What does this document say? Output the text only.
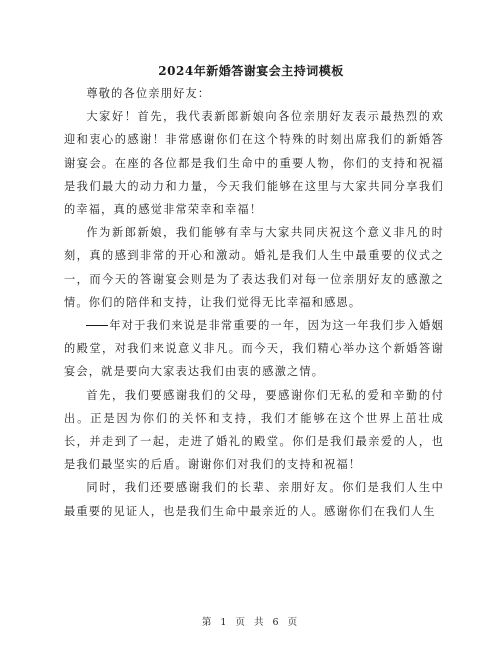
2024年新婚答谢宴会主持词模板

尊敬的各位亲朋好友：

大家好！首先，我代表新郎新娘向各位亲朋好友表示最热烈的欢迎和衷心的感谢！非常感谢你们在这个特殊的时刻出席我们的新婚答谢宴会。在座的各位都是我们生命中的重要人物，你们的支持和祝福是我们最大的动力和力量，今天我们能够在这里与大家共同分享我们的幸福，真的感觉非常荣幸和幸福！

作为新郎新娘，我们能够有幸与大家共同庆祝这个意义非凡的时刻，真的感到非常的开心和激动。婚礼是我们人生中最重要的仪式之一，而今天的答谢宴会则是为了表达我们对每一位亲朋好友的感激之情。你们的陪伴和支持，让我们觉得无比幸福和感恩。

年对于我们来说是非常重要的一年，因为这一年我们步入婚姻的殿堂，对我们来说意义非凡。而今天，我们精心举办这个新婚答谢宴会，就是要向大家表达我们由衷的感激之情。

首先，我们要感谢我们的父母，要感谢你们无私的爱和辛勤的付出。正是因为你们的关怀和支持，我们才能够在这个世界上茁壮成长，并走到了一起，走进了婚礼的殿堂。你们是我们最亲爱的人，也是我们最坚实的后盾。谢谢你们对我们的支持和祝福！

同时，我们还要感谢我们的长辈、亲朋好友。你们是我们人生中最重要的见证人，也是我们生命中最亲近的人。感谢你们在我们人生

第 1 页 共 6 页
